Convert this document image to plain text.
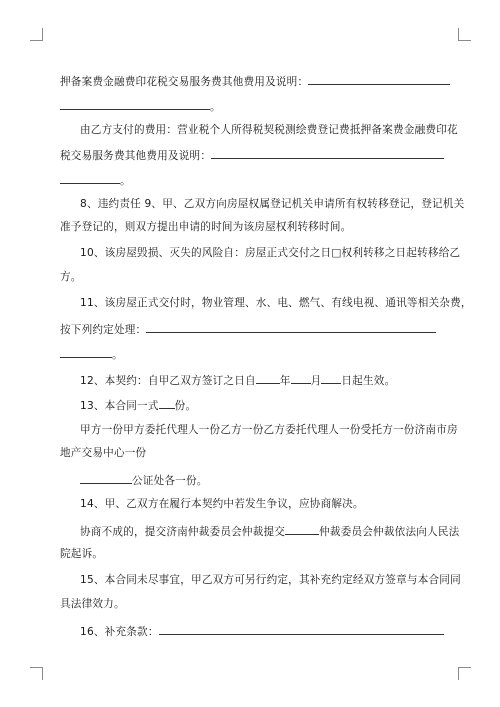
押备案费金融费印花税交易服务费其他费用及说明：
。
由乙方支付的费用：营业税个人所得税契税测绘费登记费抵押备案费金融费印花
税交易服务费其他费用及说明：
。
8、违约责任 9、甲、乙双方向房屋权属登记机关申请所有权转移登记，登记机关
准予登记的，则双方提出申请的时间为该房屋权利转移时间。
10、该房屋毁损、灭失的风险自：房屋正式交付之日□权利转移之日起转移给乙
方。
11、该房屋正式交付时，物业管理、水、电、燃气、有线电视、通讯等相关杂费，
按下列约定处理：
。
12、本契约：自甲乙双方签订之日自 年 月 日起生效。
13、本合同一式 份。
甲方一份甲方委托代理人一份乙方一份乙方委托代理人一份受托方一份济南市房
地产交易中心一份
公证处各一份。
14、甲、乙双方在履行本契约中若发生争议，应协商解决。
协商不成的，提交济南仲裁委员会仲裁提交	仲裁委员会仲裁依法向人民法
院起诉。
15、本合同未尽事宜，甲乙双方可另行约定，其补充约定经双方签章与本合同同
具法律效力。
16、补充条款：
